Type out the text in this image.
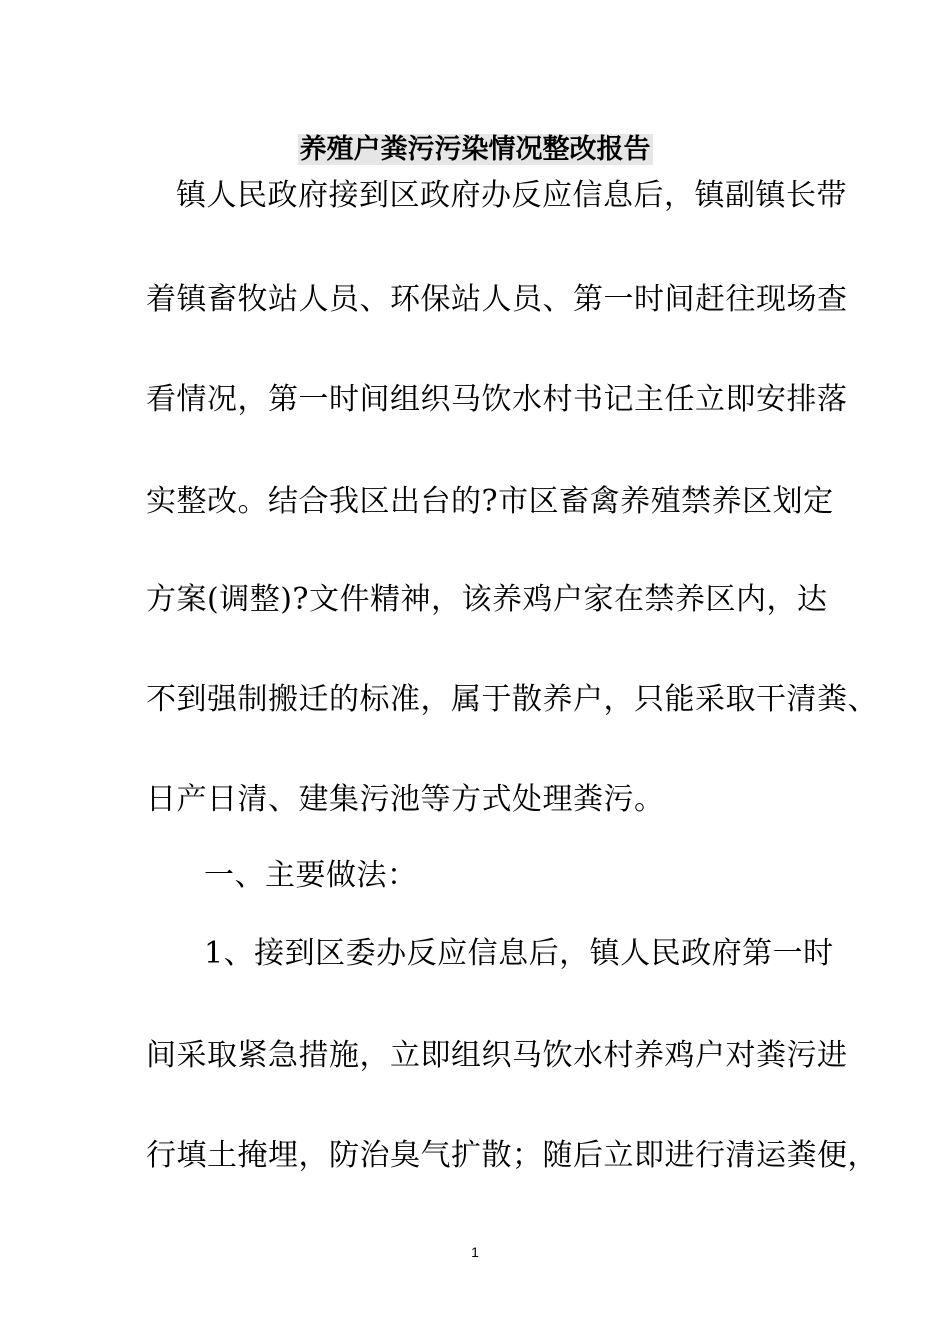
养殖户粪污污染情况整改报告
镇人民政府接到区政府办反应信息后，镇副镇长带
着镇畜牧站人员、环保站人员、第一时间赶往现场查
看情况，第一时间组织马饮水村书记主任立即安排落
实整改。结合我区出台的?市区畜禽养殖禁养区划定
方案(调整)?文件精神，该养鸡户家在禁养区内，达
不到强制搬迁的标准，属于散养户，只能采取干清粪、
日产日清、建集污池等方式处理粪污。
一、主要做法：
1、接到区委办反应信息后，镇人民政府第一时
间采取紧急措施，立即组织马饮水村养鸡户对粪污进
行填土掩埋，防治臭气扩散；随后立即进行清运粪便，
1
